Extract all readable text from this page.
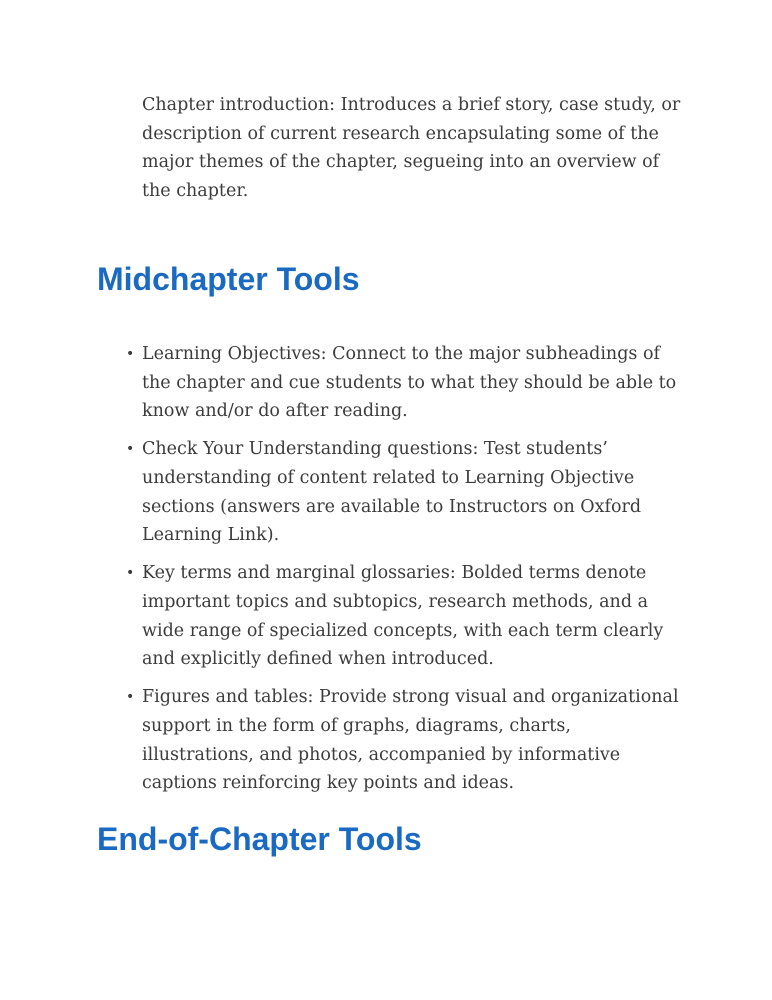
Chapter introduction: Introduces a brief story, case study, or description of current research encapsulating some of the major themes of the chapter, segueing into an overview of the chapter.

Midchapter Tools
• Learning Objectives: Connect to the major subheadings of the chapter and cue students to what they should be able to know and/or do after reading.
• Check Your Understanding questions: Test students’ understanding of content related to Learning Objective sections (answers are available to Instructors on Oxford Learning Link).
• Key terms and marginal glossaries: Bolded terms denote important topics and subtopics, research methods, and a wide range of specialized concepts, with each term clearly and explicitly defined when introduced.
• Figures and tables: Provide strong visual and organizational support in the form of graphs, diagrams, charts, illustrations, and photos, accompanied by informative captions reinforcing key points and ideas.
End-of-Chapter Tools
